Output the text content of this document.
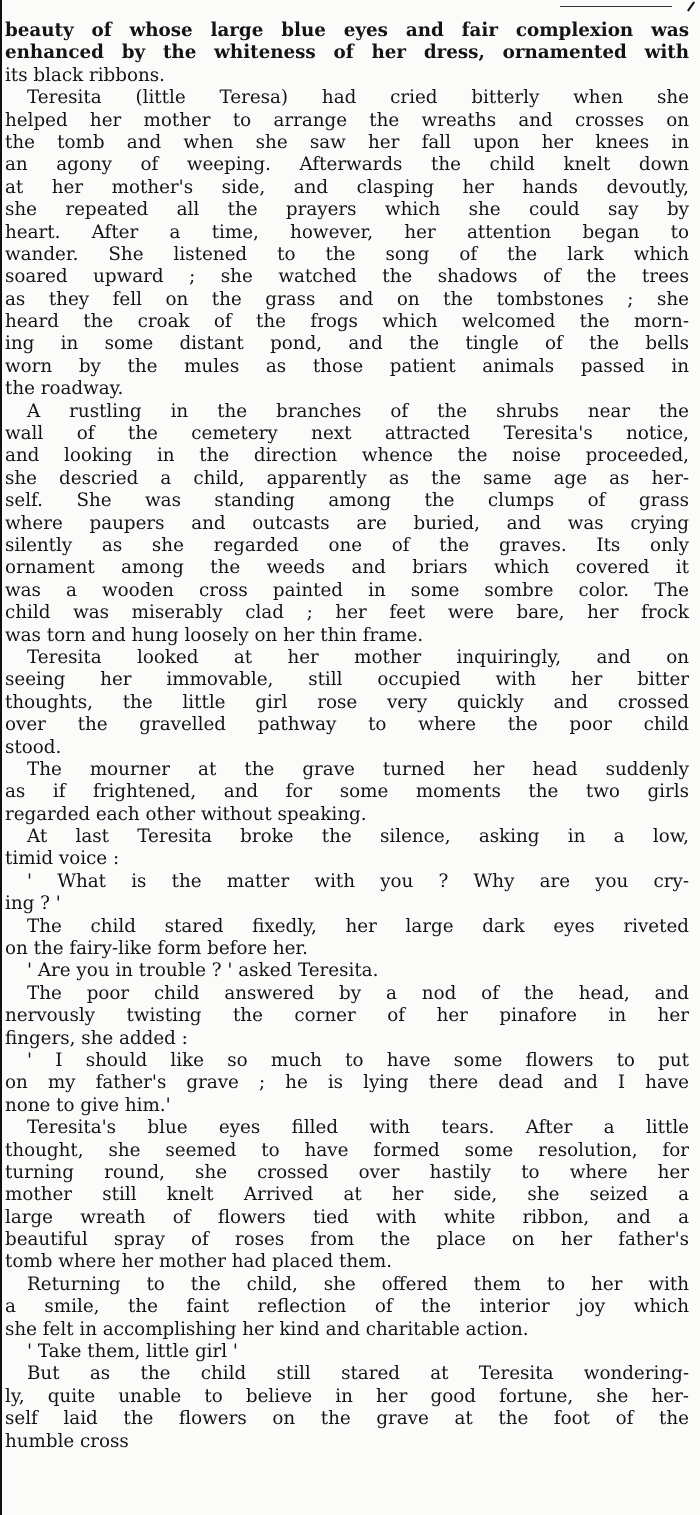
beauty of whose large blue eyes and fair complexion was
enhanced by the whiteness of her dress, ornamented with
its black ribbons.
Teresita (little Teresa) had cried bitterly when she
helped her mother to arrange the wreaths and crosses on
the tomb and when she saw her fall upon her knees in
an agony of weeping. Afterwards the child knelt down
at her mother's side, and clasping her hands devoutly,
she repeated all the prayers which she could say by
heart. After a time, however, her attention began to
wander. She listened to the song of the lark which
soared upward ; she watched the shadows of the trees
as they fell on the grass and on the tombstones ; she
heard the croak of the frogs which welcomed the morn-
ing in some distant pond, and the tingle of the bells
worn by the mules as those patient animals passed in
the roadway.
A rustling in the branches of the shrubs near the
wall of the cemetery next attracted Teresita's notice,
and looking in the direction whence the noise proceeded,
she descried a child, apparently as the same age as her-
self. She was standing among the clumps of grass
where paupers and outcasts are buried, and was crying
silently as she regarded one of the graves. Its only
ornament among the weeds and briars which covered it
was a wooden cross painted in some sombre color. The
child was miserably clad ; her feet were bare, her frock
was torn and hung loosely on her thin frame.
Teresita looked at her mother inquiringly, and on
seeing her immovable, still occupied with her bitter
thoughts, the little girl rose very quickly and crossed
over the gravelled pathway to where the poor child
stood.
The mourner at the grave turned her head suddenly
as if frightened, and for some moments the two girls
regarded each other without speaking.
At last Teresita broke the silence, asking in a low,
timid voice :
' What is the matter with you ? Why are you cry-
ing ? '
The child stared fixedly, her large dark eyes riveted
on the fairy-like form before her.
' Are you in trouble ? ' asked Teresita.
The poor child answered by a nod of the head, and
nervously twisting the corner of her pinafore in her
fingers, she added :
' I should like so much to have some flowers to put
on my father's grave ; he is lying there dead and I have
none to give him.'
Teresita's blue eyes filled with tears. After a little
thought, she seemed to have formed some resolution, for
turning round, she crossed over hastily to where her
mother still knelt Arrived at her side, she seized a
large wreath of flowers tied with white ribbon, and a
beautiful spray of roses from the place on her father's
tomb where her mother had placed them.
Returning to the child, she offered them to her with
a smile, the faint reflection of the interior joy which
she felt in accomplishing her kind and charitable action.
' Take them, little girl '
But as the child still stared at Teresita wondering-
ly, quite unable to believe in her good fortune, she her-
self laid the flowers on the grave at the foot of the
humble cross
